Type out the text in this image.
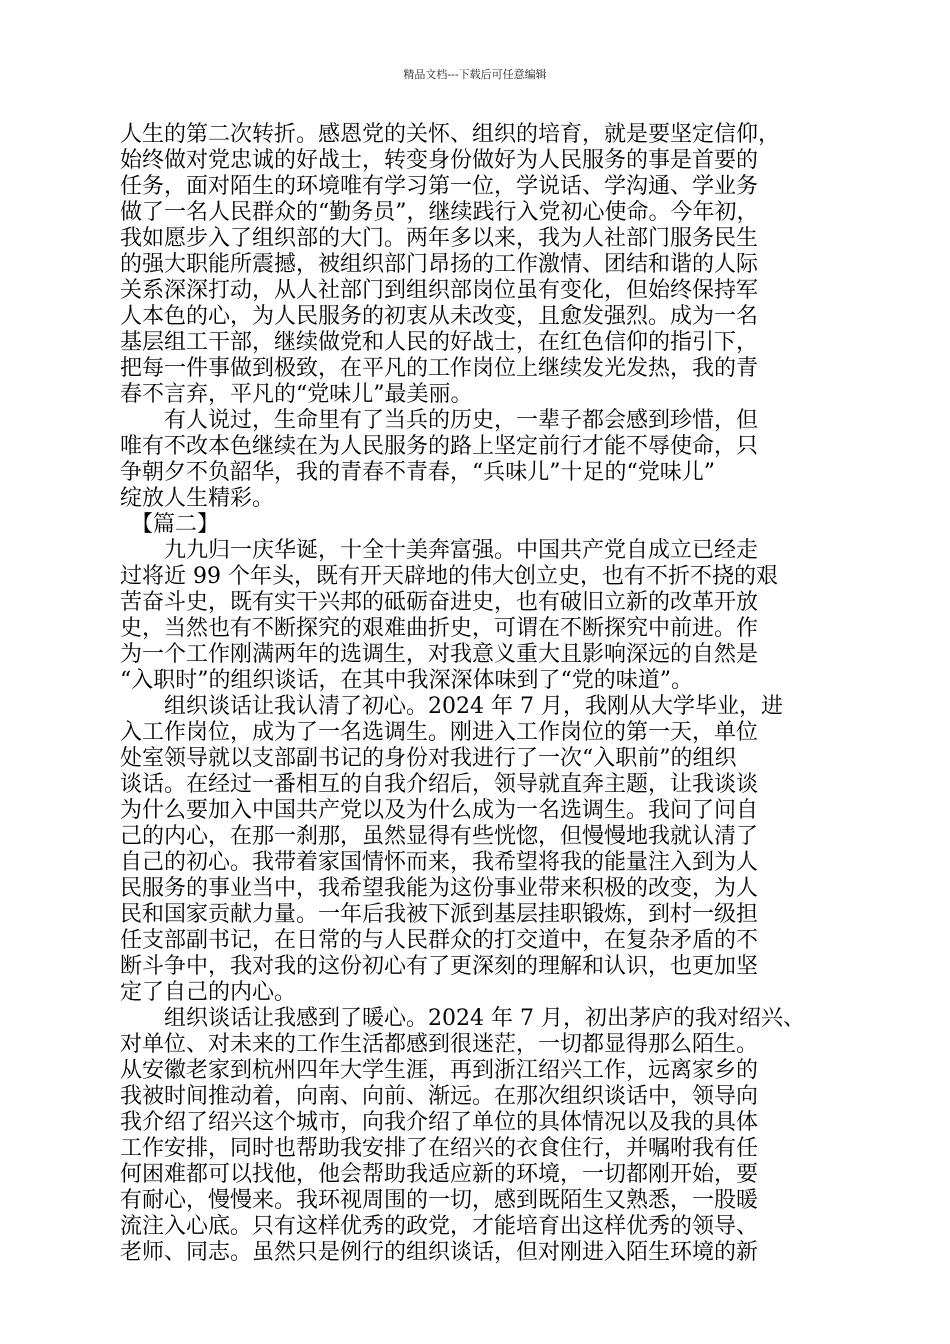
精品文档---下载后可任意编辑
人生的第二次转折。感恩党的关怀、组织的培育，就是要坚定信仰，
始终做对党忠诚的好战士，转变身份做好为人民服务的事是首要的
任务，面对陌生的环境唯有学习第一位，学说话、学沟通、学业务
做了一名人民群众的“勤务员”，继续践行入党初心使命。今年初，
我如愿步入了组织部的大门。两年多以来，我为人社部门服务民生
的强大职能所震撼，被组织部门昂扬的工作激情、团结和谐的人际
关系深深打动，从人社部门到组织部岗位虽有变化，但始终保持军
人本色的心，为人民服务的初衷从未改变，且愈发强烈。成为一名
基层组工干部，继续做党和人民的好战士，在红色信仰的指引下，
把每一件事做到极致，在平凡的工作岗位上继续发光发热，我的青
春不言弃，平凡的“党味儿”最美丽。
　　有人说过，生命里有了当兵的历史，一辈子都会感到珍惜，但
唯有不改本色继续在为人民服务的路上坚定前行才能不辱使命，只
争朝夕不负韶华，我的青春不青春，“兵味儿”十足的“党味儿”
绽放人生精彩。
　【篇二】
　　九九归一庆华诞，十全十美奔富强。中国共产党自成立已经走
过将近 99 个年头，既有开天辟地的伟大创立史，也有不折不挠的艰
苦奋斗史，既有实干兴邦的砥砺奋进史，也有破旧立新的改革开放
史，当然也有不断探究的艰难曲折史，可谓在不断探究中前进。作
为一个工作刚满两年的选调生，对我意义重大且影响深远的自然是
“入职时”的组织谈话，在其中我深深体味到了“党的味道”。
　　组织谈话让我认清了初心。2024 年 7 月，我刚从大学毕业，进
入工作岗位，成为了一名选调生。刚进入工作岗位的第一天，单位
处室领导就以支部副书记的身份对我进行了一次“入职前”的组织
谈话。在经过一番相互的自我介绍后，领导就直奔主题，让我谈谈
为什么要加入中国共产党以及为什么成为一名选调生。我问了问自
己的内心，在那一刹那，虽然显得有些恍惚，但慢慢地我就认清了
自己的初心。我带着家国情怀而来，我希望将我的能量注入到为人
民服务的事业当中，我希望我能为这份事业带来积极的改变，为人
民和国家贡献力量。一年后我被下派到基层挂职锻炼，到村一级担
任支部副书记，在日常的与人民群众的打交道中，在复杂矛盾的不
断斗争中，我对我的这份初心有了更深刻的理解和认识，也更加坚
定了自己的内心。
　　组织谈话让我感到了暖心。2024 年 7 月，初出茅庐的我对绍兴、
对单位、对未来的工作生活都感到很迷茫，一切都显得那么陌生。
从安徽老家到杭州四年大学生涯，再到浙江绍兴工作，远离家乡的
我被时间推动着，向南、向前、渐远。在那次组织谈话中，领导向
我介绍了绍兴这个城市，向我介绍了单位的具体情况以及我的具体
工作安排，同时也帮助我安排了在绍兴的衣食住行，并嘱咐我有任
何困难都可以找他，他会帮助我适应新的环境，一切都刚开始，要
有耐心，慢慢来。我环视周围的一切，感到既陌生又熟悉，一股暖
流注入心底。只有这样优秀的政党，才能培育出这样优秀的领导、
老师、同志。虽然只是例行的组织谈话，但对刚进入陌生环境的新
